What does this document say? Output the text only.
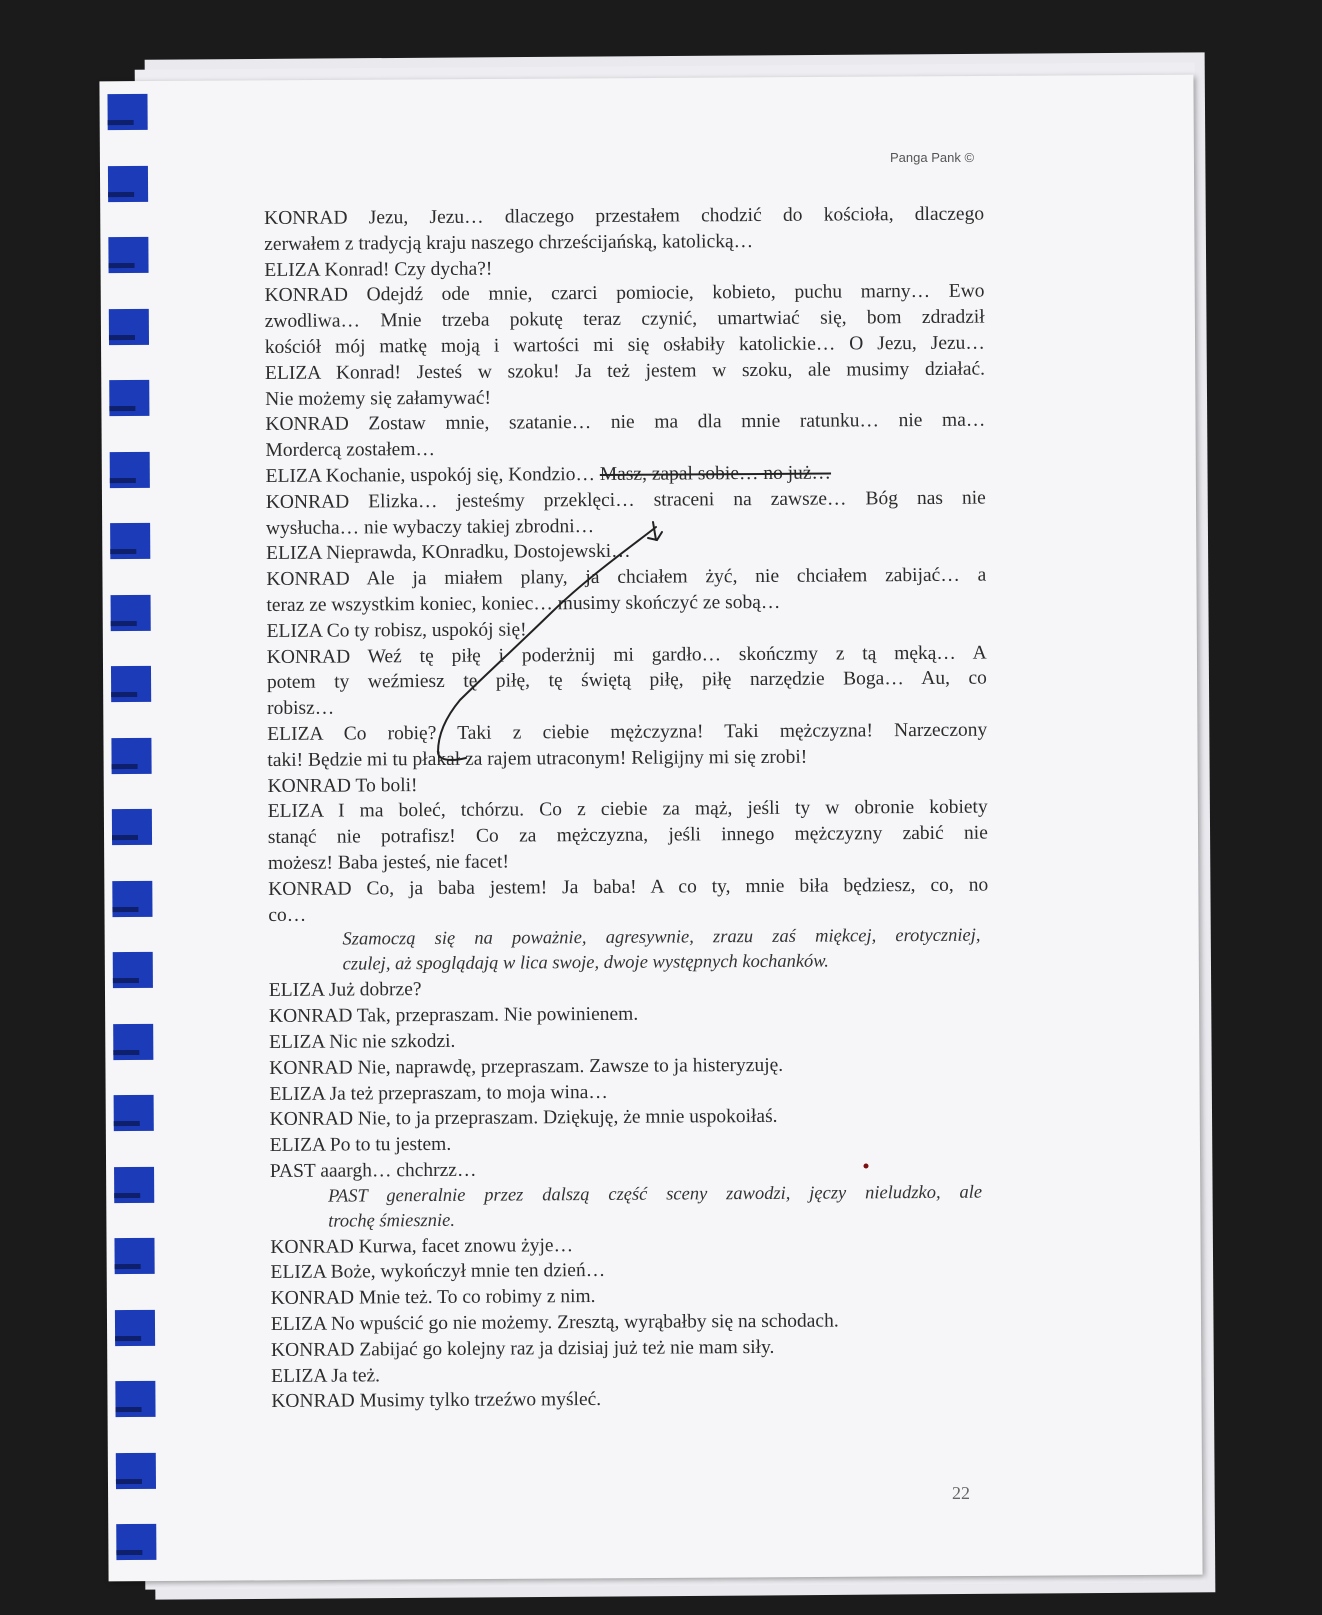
Panga Pank ©
KONRAD Jezu, Jezu… dlaczego przestałem chodzić do kościoła, dlaczego
zerwałem z tradycją kraju naszego chrześcijańską, katolicką…
ELIZA Konrad! Czy dycha?!
KONRAD Odejdź ode mnie, czarci pomiocie, kobieto, puchu marny… Ewo
zwodliwa… Mnie trzeba pokutę teraz czynić, umartwiać się, bom zdradził
kościół mój matkę moją i wartości mi się osłabiły katolickie… O Jezu, Jezu…
ELIZA Konrad! Jesteś w szoku! Ja też jestem w szoku, ale musimy działać.
Nie możemy się załamywać!
KONRAD Zostaw mnie, szatanie… nie ma dla mnie ratunku… nie ma…
Mordercą zostałem…
ELIZA Kochanie, uspokój się, Kondzio… Masz, zapal sobie… no już…
KONRAD Elizka… jesteśmy przeklęci… straceni na zawsze… Bóg nas nie
wysłucha… nie wybaczy takiej zbrodni…
ELIZA Nieprawda, KOnradku, Dostojewski…
KONRAD Ale ja miałem plany, ja chciałem żyć, nie chciałem zabijać… a
teraz ze wszystkim koniec, koniec… musimy skończyć ze sobą…
ELIZA Co ty robisz, uspokój się!
KONRAD Weź tę piłę i poderżnij mi gardło… skończmy z tą męką… A
potem ty weźmiesz tę piłę, tę świętą piłę, piłę narzędzie Boga… Au, co
robisz…
ELIZA Co robię? Taki z ciebie mężczyzna! Taki mężczyzna! Narzeczony
taki! Będzie mi tu płakał za rajem utraconym! Religijny mi się zrobi!
KONRAD To boli!
ELIZA I ma boleć, tchórzu. Co z ciebie za mąż, jeśli ty w obronie kobiety
stanąć nie potrafisz! Co za mężczyzna, jeśli innego mężczyzny zabić nie
możesz! Baba jesteś, nie facet!
KONRAD Co, ja baba jestem! Ja baba! A co ty, mnie biła będziesz, co, no
co…
Szamoczą się na poważnie, agresywnie, zrazu zaś miękcej, erotyczniej,
czulej, aż spoglądają w lica swoje, dwoje występnych kochanków.
ELIZA Już dobrze?
KONRAD Tak, przepraszam. Nie powinienem.
ELIZA Nic nie szkodzi.
KONRAD Nie, naprawdę, przepraszam. Zawsze to ja histeryzuję.
ELIZA Ja też przepraszam, to moja wina…
KONRAD Nie, to ja przepraszam. Dziękuję, że mnie uspokoiłaś.
ELIZA Po to tu jestem.
PAST aaargh… chchrzz…
PAST generalnie przez dalszą część sceny zawodzi, jęczy nieludzko, ale
trochę śmiesznie.
KONRAD Kurwa, facet znowu żyje…
ELIZA Boże, wykończył mnie ten dzień…
KONRAD Mnie też. To co robimy z nim.
ELIZA No wpuścić go nie możemy. Zresztą, wyrąbałby się na schodach.
KONRAD Zabijać go kolejny raz ja dzisiaj już też nie mam siły.
ELIZA Ja też.
KONRAD Musimy tylko trzeźwo myśleć.
22
